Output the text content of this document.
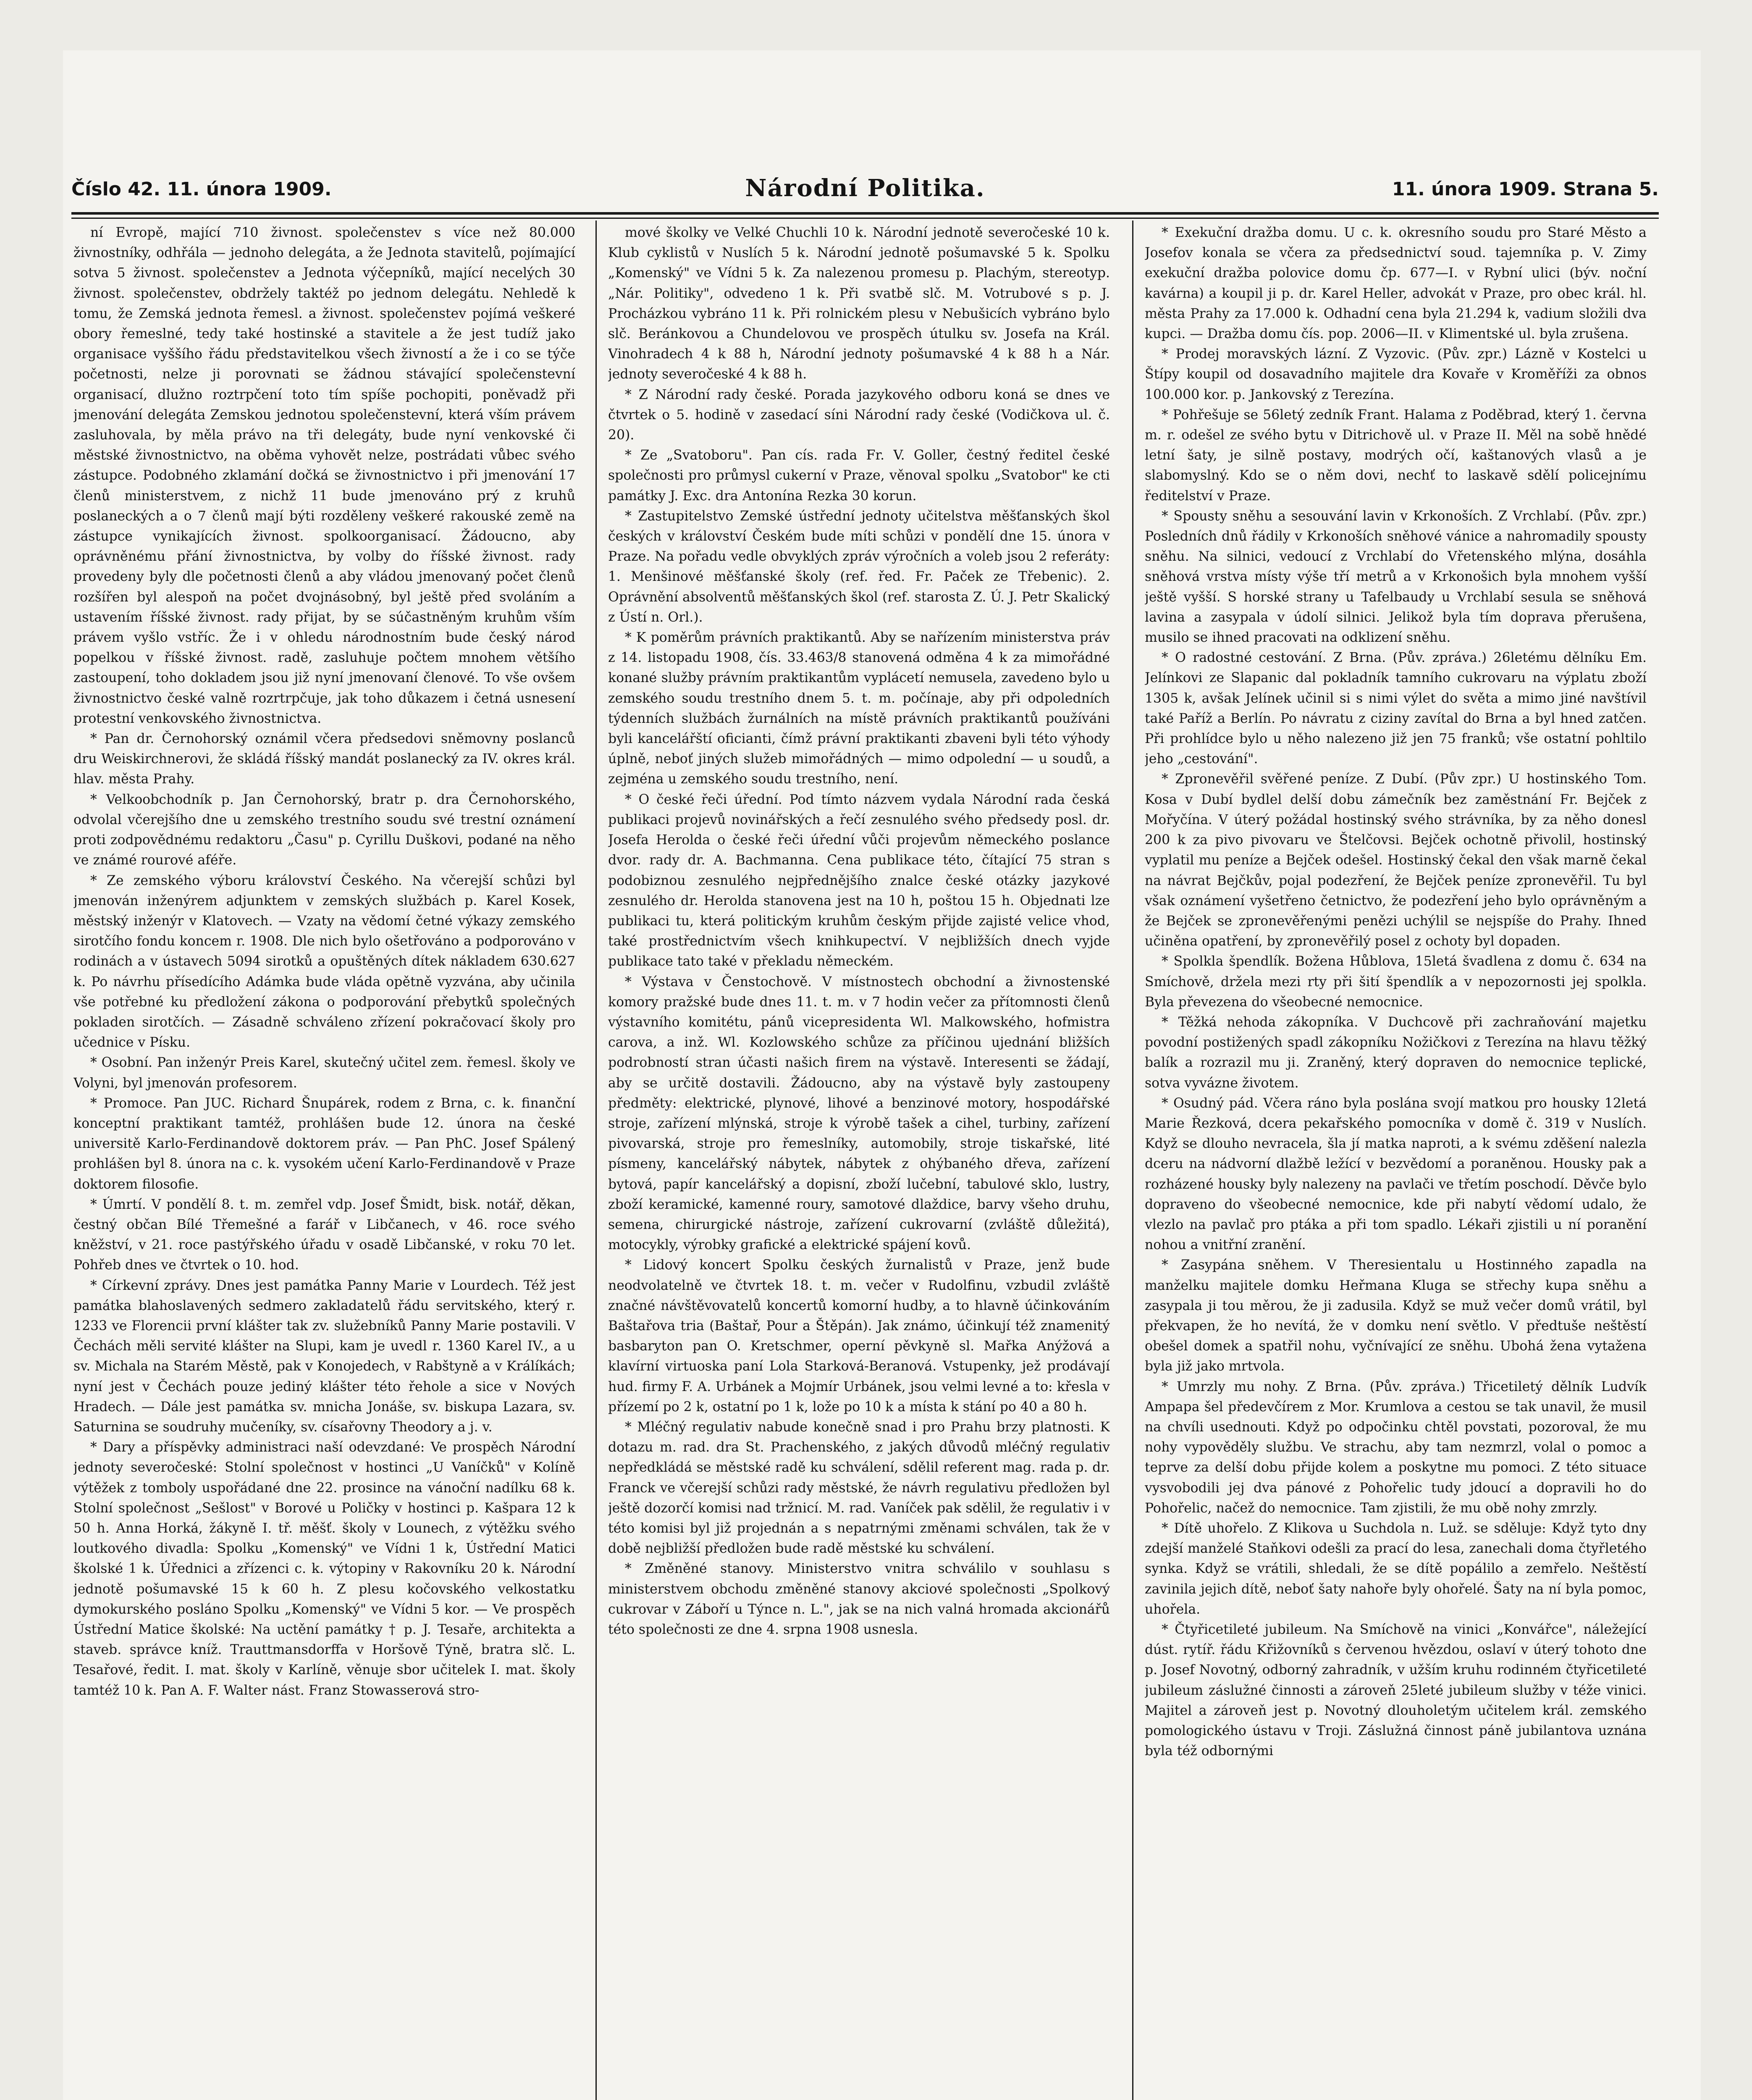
Číslo 42. 11. února 1909.	Národní Politika.	11. února 1909. Strana 5.

ní Evropě, mající 710 živnost. společenstev s více než 80.000 živnostníky, odhřála — jednoho delegáta, a že Jednota stavitelů, pojímající sotva 5 živnost. společenstev a Jednota výčepníků, mající necelých 30 živnost. společenstev, obdržely taktéž po jednom delegátu. Nehledě k tomu, že Zemská jednota řemesl. a živnost. společenstev pojímá veškeré obory řemeslné, tedy také hostinské a stavitele a že jest tudíž jako organisace vyššího řádu představitelkou všech živností a že i co se týče početnosti, nelze ji porovnati se žádnou stávající společenstevní organisací, dlužno roztrpčení toto tím spíše pochopiti, poněvadž při jmenování delegáta Zemskou jednotou společenstevní, která vším právem zasluhovala, by měla právo na tři delegáty, bude nyní venkovské či městské živnostnictvo, na oběma vyhovět nelze, postrádati vůbec svého zástupce. Podobného zklamání dočká se živnostnictvo i při jmenování 17 členů ministerstvem, z nichž 11 bude jmenováno prý z kruhů poslaneckých a o 7 členů mají býti rozděleny veškeré rakouské země na zástupce vynikajících živnost. spolkoorganisací. Žádoucno, aby oprávněnému přání živnostnictva, by volby do říšské živnost. rady provedeny byly dle početnosti členů a aby vládou jmenovaný počet členů rozšířen byl alespoň na počet dvojnásobný, byl ještě před svoláním a ustavením říšské živnost. rady přijat, by se súčastněným kruhům vším právem vyšlo vstříc. Že i v ohledu národnostním bude český národ popelkou v říšské živnost. radě, zasluhuje počtem mnohem většího zastoupení, toho dokladem jsou již nyní jmenovaní členové. To vše ovšem živnostnictvo české valně rozrtrpčuje, jak toho důkazem i četná usnesení protestní venkovského živnostnictva.

* Pan dr. Černohorský oznámil včera předsedovi sněmovny poslanců dru Weiskirchnerovi, že skládá říšský mandát poslanecký za IV. okres král. hlav. města Prahy.

* Velkoobchodník p. Jan Černohorský, bratr p. dra Černohorského, odvolal včerejšího dne u zemského trestního soudu své trestní oznámení proti zodpovědnému redaktoru „Času" p. Cyrillu Duškovi, podané na něho ve známé rourové aféře.

* Ze zemského výboru království Českého. Na včerejší schůzi byl jmenován inženýrem adjunktem v zemských službách p. Karel Kosek, městský inženýr v Klatovech. — Vzaty na vědomí četné výkazy zemského sirotčího fondu koncem r. 1908. Dle nich bylo ošetřováno a podporováno v rodinách a v ústavech 5094 sirotků a opuštěných dítek nákladem 630.627 k. Po návrhu přísedícího Adámka bude vláda opětně vyzvána, aby učinila vše potřebné ku předložení zákona o podporování přebytků společných pokladen sirotčích. — Zásadně schváleno zřízení pokračovací školy pro učednice v Písku.

* Osobní. Pan inženýr Preis Karel, skutečný učitel zem. řemesl. školy ve Volyni, byl jmenován profesorem.

* Promoce. Pan JUC. Richard Šnupárek, rodem z Brna, c. k. finanční konceptní praktikant tamtéž, prohlášen bude 12. února na české universitě Karlo-Ferdinandově doktorem práv. — Pan PhC. Josef Spálený prohlášen byl 8. února na c. k. vysokém učení Karlo-Ferdinandově v Praze doktorem filosofie.

* Úmrtí. V pondělí 8. t. m. zemřel vdp. Josef Šmidt, bisk. notář, děkan, čestný občan Bílé Třemešné a farář v Libčanech, v 46. roce svého kněžství, v 21. roce pastýřského úřadu v osadě Libčanské, v roku 70 let. Pohřeb dnes ve čtvrtek o 10. hod.

* Církevní zprávy. Dnes jest památka Panny Marie v Lourdech. Též jest památka blahoslavených sedmero zakladatelů řádu servitského, který r. 1233 ve Florencii první klášter tak zv. služebníků Panny Marie postavili. V Čechách měli servité klášter na Slupi, kam je uvedl r. 1360 Karel IV., a u sv. Michala na Starém Městě, pak v Konojedech, v Rabštyně a v Králíkách; nyní jest v Čechách pouze jediný klášter této řehole a sice v Nových Hradech. — Dále jest památka sv. mnicha Jonáše, sv. biskupa Lazara, sv. Saturnina se soudruhy mučeníky, sv. císařovny Theodory a j. v.

* Dary a příspěvky administraci naší odevzdané: Ve prospěch Národní jednoty severočeské: Stolní společnost v hostinci „U Vaníčků" v Kolíně výtěžek z tomboly uspořádané dne 22. prosince na vánoční nadílku 68 k. Stolní společnost „Sešlost" v Borové u Poličky v hostinci p. Kašpara 12 k 50 h. Anna Horká, žákyně I. tř. měšť. školy v Lounech, z výtěžku svého loutkového divadla: Spolku „Komenský" ve Vídni 1 k, Ústřední Matici školské 1 k. Úřednici a zřízenci c. k. výtopiny v Rakovníku 20 k. Národní jednotě pošumavské 15 k 60 h. Z plesu kočovského velkostatku dymokurského posláno Spolku „Komenský" ve Vídni 5 kor. — Ve prospěch Ústřední Matice školské: Na uctění památky † p. J. Tesaře, architekta a staveb. správce kníž. Trauttmansdorffa v Horšově Týně, bratra slč. L. Tesařové, ředit. I. mat. školy v Karlíně, věnuje sbor učitelek I. mat. školy tamtéž 10 k. Pan A. F. Walter nást. Franz Stowasserová stro-

mové školky ve Velké Chuchli 10 k. Národní jednotě severočeské 10 k. Klub cyklistů v Nuslích 5 k. Národní jednotě pošumavské 5 k. Spolku „Komenský" ve Vídni 5 k. Za nalezenou promesu p. Plachým, stereotyp. „Nár. Politiky", odvedeno 1 k. Při svatbě slč. M. Votrubové s p. J. Procházkou vybráno 11 k. Při rolnickém plesu v Nebušicích vybráno bylo slč. Beránkovou a Chundelovou ve prospěch útulku sv. Josefa na Král. Vinohradech 4 k 88 h, Národní jednoty pošumavské 4 k 88 h a Nár. jednoty severočeské 4 k 88 h.

* Z Národní rady české. Porada jazykového odboru koná se dnes ve čtvrtek o 5. hodině v zasedací síni Národní rady české (Vodičkova ul. č. 20).

* Ze „Svatoboru". Pan cís. rada Fr. V. Goller, čestný ředitel české společnosti pro průmysl cukerní v Praze, věnoval spolku „Svatobor" ke cti památky J. Exc. dra Antonína Rezka 30 korun.

* Zastupitelstvo Zemské ústřední jednoty učitelstva měšťanských škol českých v království Českém bude míti schůzi v pondělí dne 15. února v Praze. Na pořadu vedle obvyklých zpráv výročních a voleb jsou 2 referáty: 1. Menšinové měšťanské školy (ref. řed. Fr. Paček ze Třebenic). 2. Oprávnění absolventů měšťanských škol (ref. starosta Z. Ú. J. Petr Skalický z Ústí n. Orl.).

* K poměrům právních praktikantů. Aby se nařízením ministerstva práv z 14. listopadu 1908, čís. 33.463/8 stanovená odměna 4 k za mimořádné konané služby právním praktikantům vyplácetí nemusela, zavedeno bylo u zemského soudu trestního dnem 5. t. m. počínaje, aby při odpoledních týdenních službách žurnálních na místě právních praktikantů používáni byli kancelářští oficianti, čímž právní praktikanti zbaveni byli této výhody úplně, neboť jiných služeb mimořádných — mimo odpolední — u soudů, a zejména u zemského soudu trestního, není.

* O české řeči úřední. Pod tímto názvem vydala Národní rada česká publikaci projevů novinářských a řečí zesnulého svého předsedy posl. dr. Josefa Herolda o české řeči úřední vůči projevům německého poslance dvor. rady dr. A. Bachmanna. Cena publikace této, čítající 75 stran s podobiznou zesnulého nejpřednějšího znalce české otázky jazykové zesnulého dr. Herolda stanovena jest na 10 h, poštou 15 h. Objednati lze publikaci tu, která politickým kruhům českým přijde zajisté velice vhod, také prostřednictvím všech knihkupectví. V nejbližších dnech vyjde publikace tato také v překladu německém.

* Výstava v Čenstochově. V místnostech obchodní a živnostenské komory pražské bude dnes 11. t. m. v 7 hodin večer za přítomnosti členů výstavního komitétu, pánů vicepresidenta Wl. Malkowského, hofmistra carova, a inž. Wl. Kozlowského schůze za příčinou ujednání bližších podrobností stran účasti našich firem na výstavě. Interesenti se žádají, aby se určitě dostavili. Žádoucno, aby na výstavě byly zastoupeny předměty: elektrické, plynové, lihové a benzinové motory, hospodářské stroje, zařízení mlýnská, stroje k výrobě tašek a cihel, turbiny, zařízení pivovarská, stroje pro řemeslníky, automobily, stroje tiskařské, lité písmeny, kancelářský nábytek, nábytek z ohýbaného dřeva, zařízení bytová, papír kancelářský a dopisní, zboží lučební, tabulové sklo, lustry, zboží keramické, kamenné roury, samotové dlaždice, barvy všeho druhu, semena, chirurgické nástroje, zařízení cukrovarní (zvláště důležitá), motocykly, výrobky grafické a elektrické spájení kovů.

* Lidový koncert Spolku českých žurnalistů v Praze, jenž bude neodvolatelně ve čtvrtek 18. t. m. večer v Rudolfinu, vzbudil zvláště značné návštěvovatelů koncertů komorní hudby, a to hlavně účinkováním Baštařova tria (Baštař, Pour a Štěpán). Jak známo, účinkují též znamenitý basbaryton pan O. Kretschmer, operní pěvkyně sl. Mařka Anýžová a klavírní virtuoska paní Lola Starková-Beranová. Vstupenky, jež prodávají hud. firmy F. A. Urbánek a Mojmír Urbánek, jsou velmi levné a to: křesla v přízemí po 2 k, ostatní po 1 k, lože po 10 k a místa k stání po 40 a 80 h.

* Mléčný regulativ nabude konečně snad i pro Prahu brzy platnosti. K dotazu m. rad. dra St. Prachenského, z jakých důvodů mléčný regulativ nepředkládá se městské radě ku schválení, sdělil referent mag. rada p. dr. Franck ve včerejší schůzi rady městské, že návrh regulativu předložen byl ještě dozorčí komisi nad tržnicí. M. rad. Vaníček pak sdělil, že regulativ i v této komisi byl již projednán a s nepatrnými změnami schválen, tak že v době nejbližší předložen bude radě městské ku schválení.

* Změněné stanovy. Ministerstvo vnitra schválilo v souhlasu s ministerstvem obchodu změněné stanovy akciové společnosti „Spolkový cukrovar v Záboří u Týnce n. L.", jak se na nich valná hromada akcionářů této společnosti ze dne 4. srpna 1908 usnesla.

* Exekuční dražba domu. U c. k. okresního soudu pro Staré Město a Josefov konala se včera za předsednictví soud. tajemníka p. V. Zimy exekuční dražba polovice domu čp. 677—I. v Rybní ulici (býv. noční kavárna) a koupil ji p. dr. Karel Heller, advokát v Praze, pro obec král. hl. města Prahy za 17.000 k. Odhadní cena byla 21.294 k, vadium složili dva kupci. — Dražba domu čís. pop. 2006—II. v Klimentské ul. byla zrušena.

* Prodej moravských lázní. Z Vyzovic. (Pův. zpr.) Lázně v Kostelci u Štípy koupil od dosavadního majitele dra Kovaře v Kroměříži za obnos 100.000 kor. p. Jankovský z Terezína.

* Pohřešuje se 56letý zedník Frant. Halama z Poděbrad, který 1. června m. r. odešel ze svého bytu v Ditrichově ul. v Praze II. Měl na sobě hnědé letní šaty, je silně postavy, modrých očí, kaštanových vlasů a je slabomyslný. Kdo se o něm dovi, nechť to laskavě sdělí policejnímu ředitelství v Praze.

* Spousty sněhu a sesouvání lavin v Krkonoších. Z Vrchlabí. (Pův. zpr.) Posledních dnů řádily v Krkonoších sněhové vánice a nahromadily spousty sněhu. Na silnici, vedoucí z Vrchlabí do Vřetenského mlýna, dosáhla sněhová vrstva místy výše tří metrů a v Krkonošich byla mnohem vyšší ještě vyšší. S horské strany u Tafelbaudy u Vrchlabí sesula se sněhová lavina a zasypala v údolí silnici. Jelikož byla tím doprava přerušena, musilo se ihned pracovati na odklizení sněhu.

* O radostné cestování. Z Brna. (Pův. zpráva.) 26letému dělníku Em. Jelínkovi ze Slapanic dal pokladník tamního cukrovaru na výplatu zboží 1305 k, avšak Jelínek učinil si s nimi výlet do světa a mimo jiné navštívil také Paříž a Berlín. Po návratu z ciziny zavítal do Brna a byl hned zatčen. Při prohlídce bylo u něho nalezeno již jen 75 franků; vše ostatní pohltilo jeho „cestování".

* Zpronevěřil svěřené peníze. Z Dubí. (Pův zpr.) U hostinského Tom. Kosa v Dubí bydlel delší dobu zámečník bez zaměstnání Fr. Bejček z Mořyčína. V úterý požádal hostinský svého strávníka, by za něho donesl 200 k za pivo pivovaru ve Štelčovsi. Bejček ochotně přivolil, hostinský vyplatil mu peníze a Bejček odešel. Hostinský čekal den však marně čekal na návrat Bejčkův, pojal podezření, že Bejček peníze zpronevěřil. Tu byl však oznámení vyšetřeno četnictvo, že podezření jeho bylo oprávněným a že Bejček se zpronevěřenými penězi uchýlil se nejspíše do Prahy. Ihned učiněna opatření, by zpronevěřilý posel z ochoty byl dopaden.

* Spolkla špendlík. Božena Hůblova, 15letá švadlena z domu č. 634 na Smíchově, držela mezi rty při šití špendlík a v nepozornosti jej spolkla. Byla převezena do všeobecné nemocnice.

* Těžká nehoda zákopníka. V Duchcově při zachraňování majetku povodní postižených spadl zákopníku Nožičkovi z Terezína na hlavu těžký balík a rozrazil mu ji. Zraněný, který dopraven do nemocnice teplické, sotva vyvázne životem.

* Osudný pád. Včera ráno byla poslána svojí matkou pro housky 12letá Marie Řezková, dcera pekařského pomocníka v domě č. 319 v Nuslích. Když se dlouho nevracela, šla jí matka naproti, a k svému zděšení nalezla dceru na nádvorní dlažbě ležící v bezvědomí a poraněnou. Housky pak a rozházené housky byly nalezeny na pavlači ve třetím poschodí. Děvče bylo dopraveno do všeobecné nemocnice, kde při nabytí vědomí udalo, že vlezlo na pavlač pro ptáka a při tom spadlo. Lékaři zjistili u ní poranění nohou a vnitřní zranění.

* Zasypána sněhem. V Theresientalu u Hostinného zapadla na manželku majitele domku Heřmana Kluga se střechy kupa sněhu a zasypala ji tou měrou, že ji zadusila. Když se muž večer domů vrátil, byl překvapen, že ho nevítá, že v domku není světlo. V předtuše neštěstí obešel domek a spatřil nohu, vyčnívající ze sněhu. Ubohá žena vytažena byla již jako mrtvola.

* Umrzly mu nohy. Z Brna. (Pův. zpráva.) Třicetiletý dělník Ludvík Ampapa šel předevčírem z Mor. Krumlova a cestou se tak unavil, že musil na chvíli usednouti. Když po odpočinku chtěl povstati, pozoroval, že mu nohy vypověděly službu. Ve strachu, aby tam nezmrzl, volal o pomoc a teprve za delší dobu přijde kolem a poskytne mu pomoci. Z této situace vysvobodili jej dva pánové z Pohořelic tudy jdoucí a dopravili ho do Pohořelic, načež do nemocnice. Tam zjistili, že mu obě nohy zmrzly.

* Dítě uhořelo. Z Klikova u Suchdola n. Luž. se sděluje: Když tyto dny zdejší manželé Staňkovi odešli za prací do lesa, zanechali doma čtyřletého synka. Když se vrátili, shledali, že se dítě popálilo a zemřelo. Neštěstí zavinila jejich dítě, neboť šaty nahoře byly ohořelé. Šaty na ní byla pomoc, uhořela.

* Čtyřicetileté jubileum. Na Smíchově na vinici „Konvářce", náležející dúst. rytíř. řádu Křižovníků s červenou hvězdou, oslaví v úterý tohoto dne p. Josef Novotný, odborný zahradník, v užším kruhu rodinném čtyřicetileté jubileum záslužné činnosti a zároveň 25leté jubileum služby v téže vinici. Majitel a zároveň jest p. Novotný dlouholetým učitelem král. zemského pomologického ústavu v Troji. Záslužná činnost páně jubilantova uznána byla též odbornými
